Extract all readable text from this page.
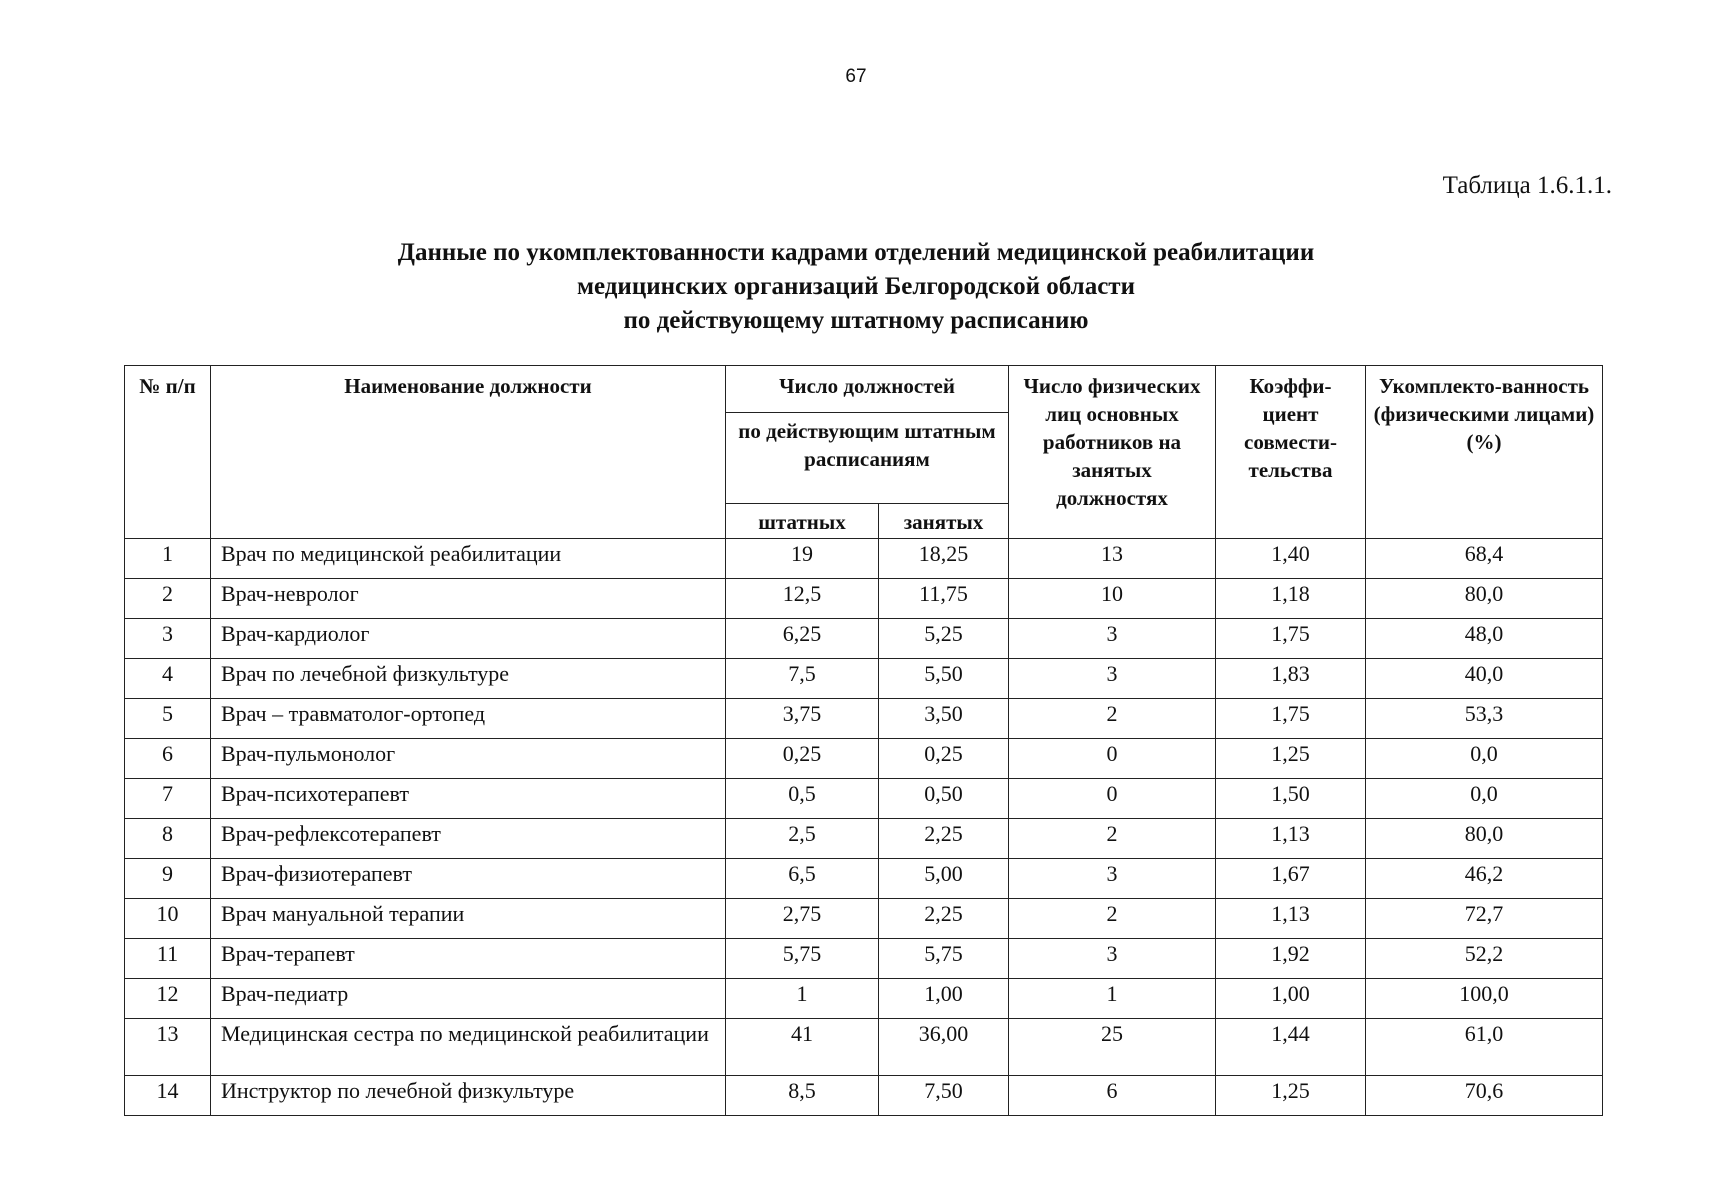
67
Таблица 1.6.1.1.
Данные по укомплектованности кадрами отделений медицинской реабилитации
медицинских организаций Белгородской области
по действующему штатному расписанию
№ п/п	Наименование должности	Число должностей		Число физических лиц основных работников на занятых должностях	Коэффи-циент совмести-тельства	Укомплекто-ванность (физическими лицами) (%)
		по действующим штатным расписаниям				
		штатных	занятых			
1	Врач по медицинской реабилитации	19	18,25	13	1,40	68,4
2	Врач-невролог	12,5	11,75	10	1,18	80,0
3	Врач-кардиолог	6,25	5,25	3	1,75	48,0
4	Врач по лечебной физкультуре	7,5	5,50	3	1,83	40,0
5	Врач – травматолог-ортопед	3,75	3,50	2	1,75	53,3
6	Врач-пульмонолог	0,25	0,25	0	1,25	0,0
7	Врач-психотерапевт	0,5	0,50	0	1,50	0,0
8	Врач-рефлексотерапевт	2,5	2,25	2	1,13	80,0
9	Врач-физиотерапевт	6,5	5,00	3	1,67	46,2
10	Врач мануальной терапии	2,75	2,25	2	1,13	72,7
11	Врач-терапевт	5,75	5,75	3	1,92	52,2
12	Врач-педиатр	1	1,00	1	1,00	100,0
13	Медицинская сестра по медицинской реабилитации	41	36,00	25	1,44	61,0
14	Инструктор по лечебной физкультуре	8,5	7,50	6	1,25	70,6
